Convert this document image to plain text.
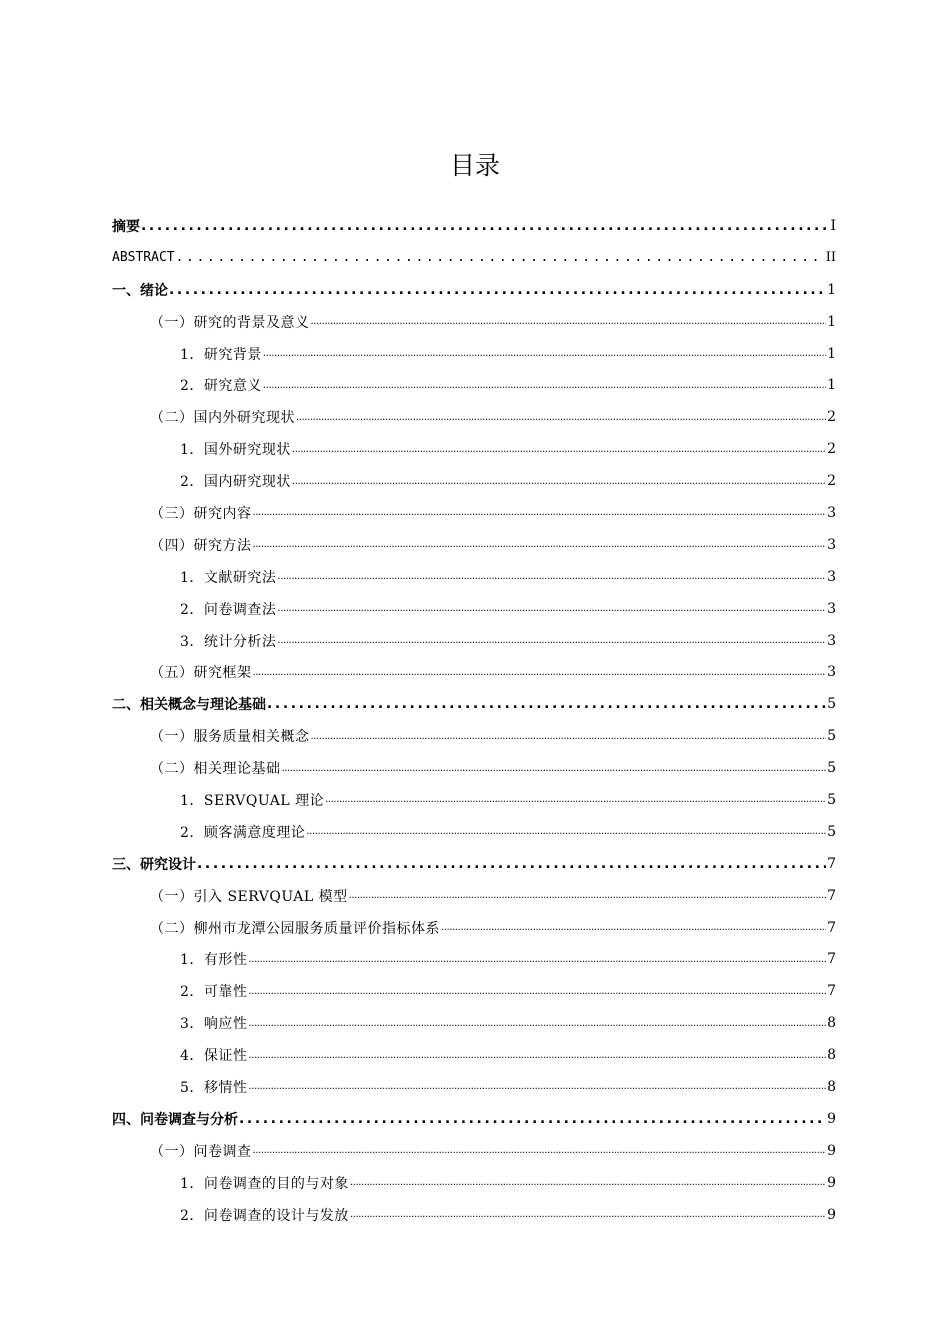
目录
摘要 .....	I
ABSTRACT .....	II
一、绪论 .....	1
（一）研究的背景及意义 .....	1
1．研究背景 .....	1
2．研究意义 .....	1
（二）国内外研究现状 .....	2
1．国外研究现状 .....	2
2．国内研究现状 .....	2
（三）研究内容 .....	3
（四）研究方法 .....	3
1．文献研究法 .....	3
2．问卷调查法 .....	3
3．统计分析法 .....	3
（五）研究框架 .....	3
二、相关概念与理论基础 .....	5
（一）服务质量相关概念 .....	5
（二）相关理论基础 .....	5
1．SERVQUAL 理论 .....	5
2．顾客满意度理论 .....	5
三、研究设计 .....	7
（一）引入 SERVQUAL 模型 .....	7
（二）柳州市龙潭公园服务质量评价指标体系 .....	7
1．有形性 .....	7
2．可靠性 .....	7
3．响应性 .....	8
4．保证性 .....	8
5．移情性 .....	8
四、问卷调查与分析 .....	9
（一）问卷调查 .....	9
1．问卷调查的目的与对象 .....	9
2．问卷调查的设计与发放 .....	9
